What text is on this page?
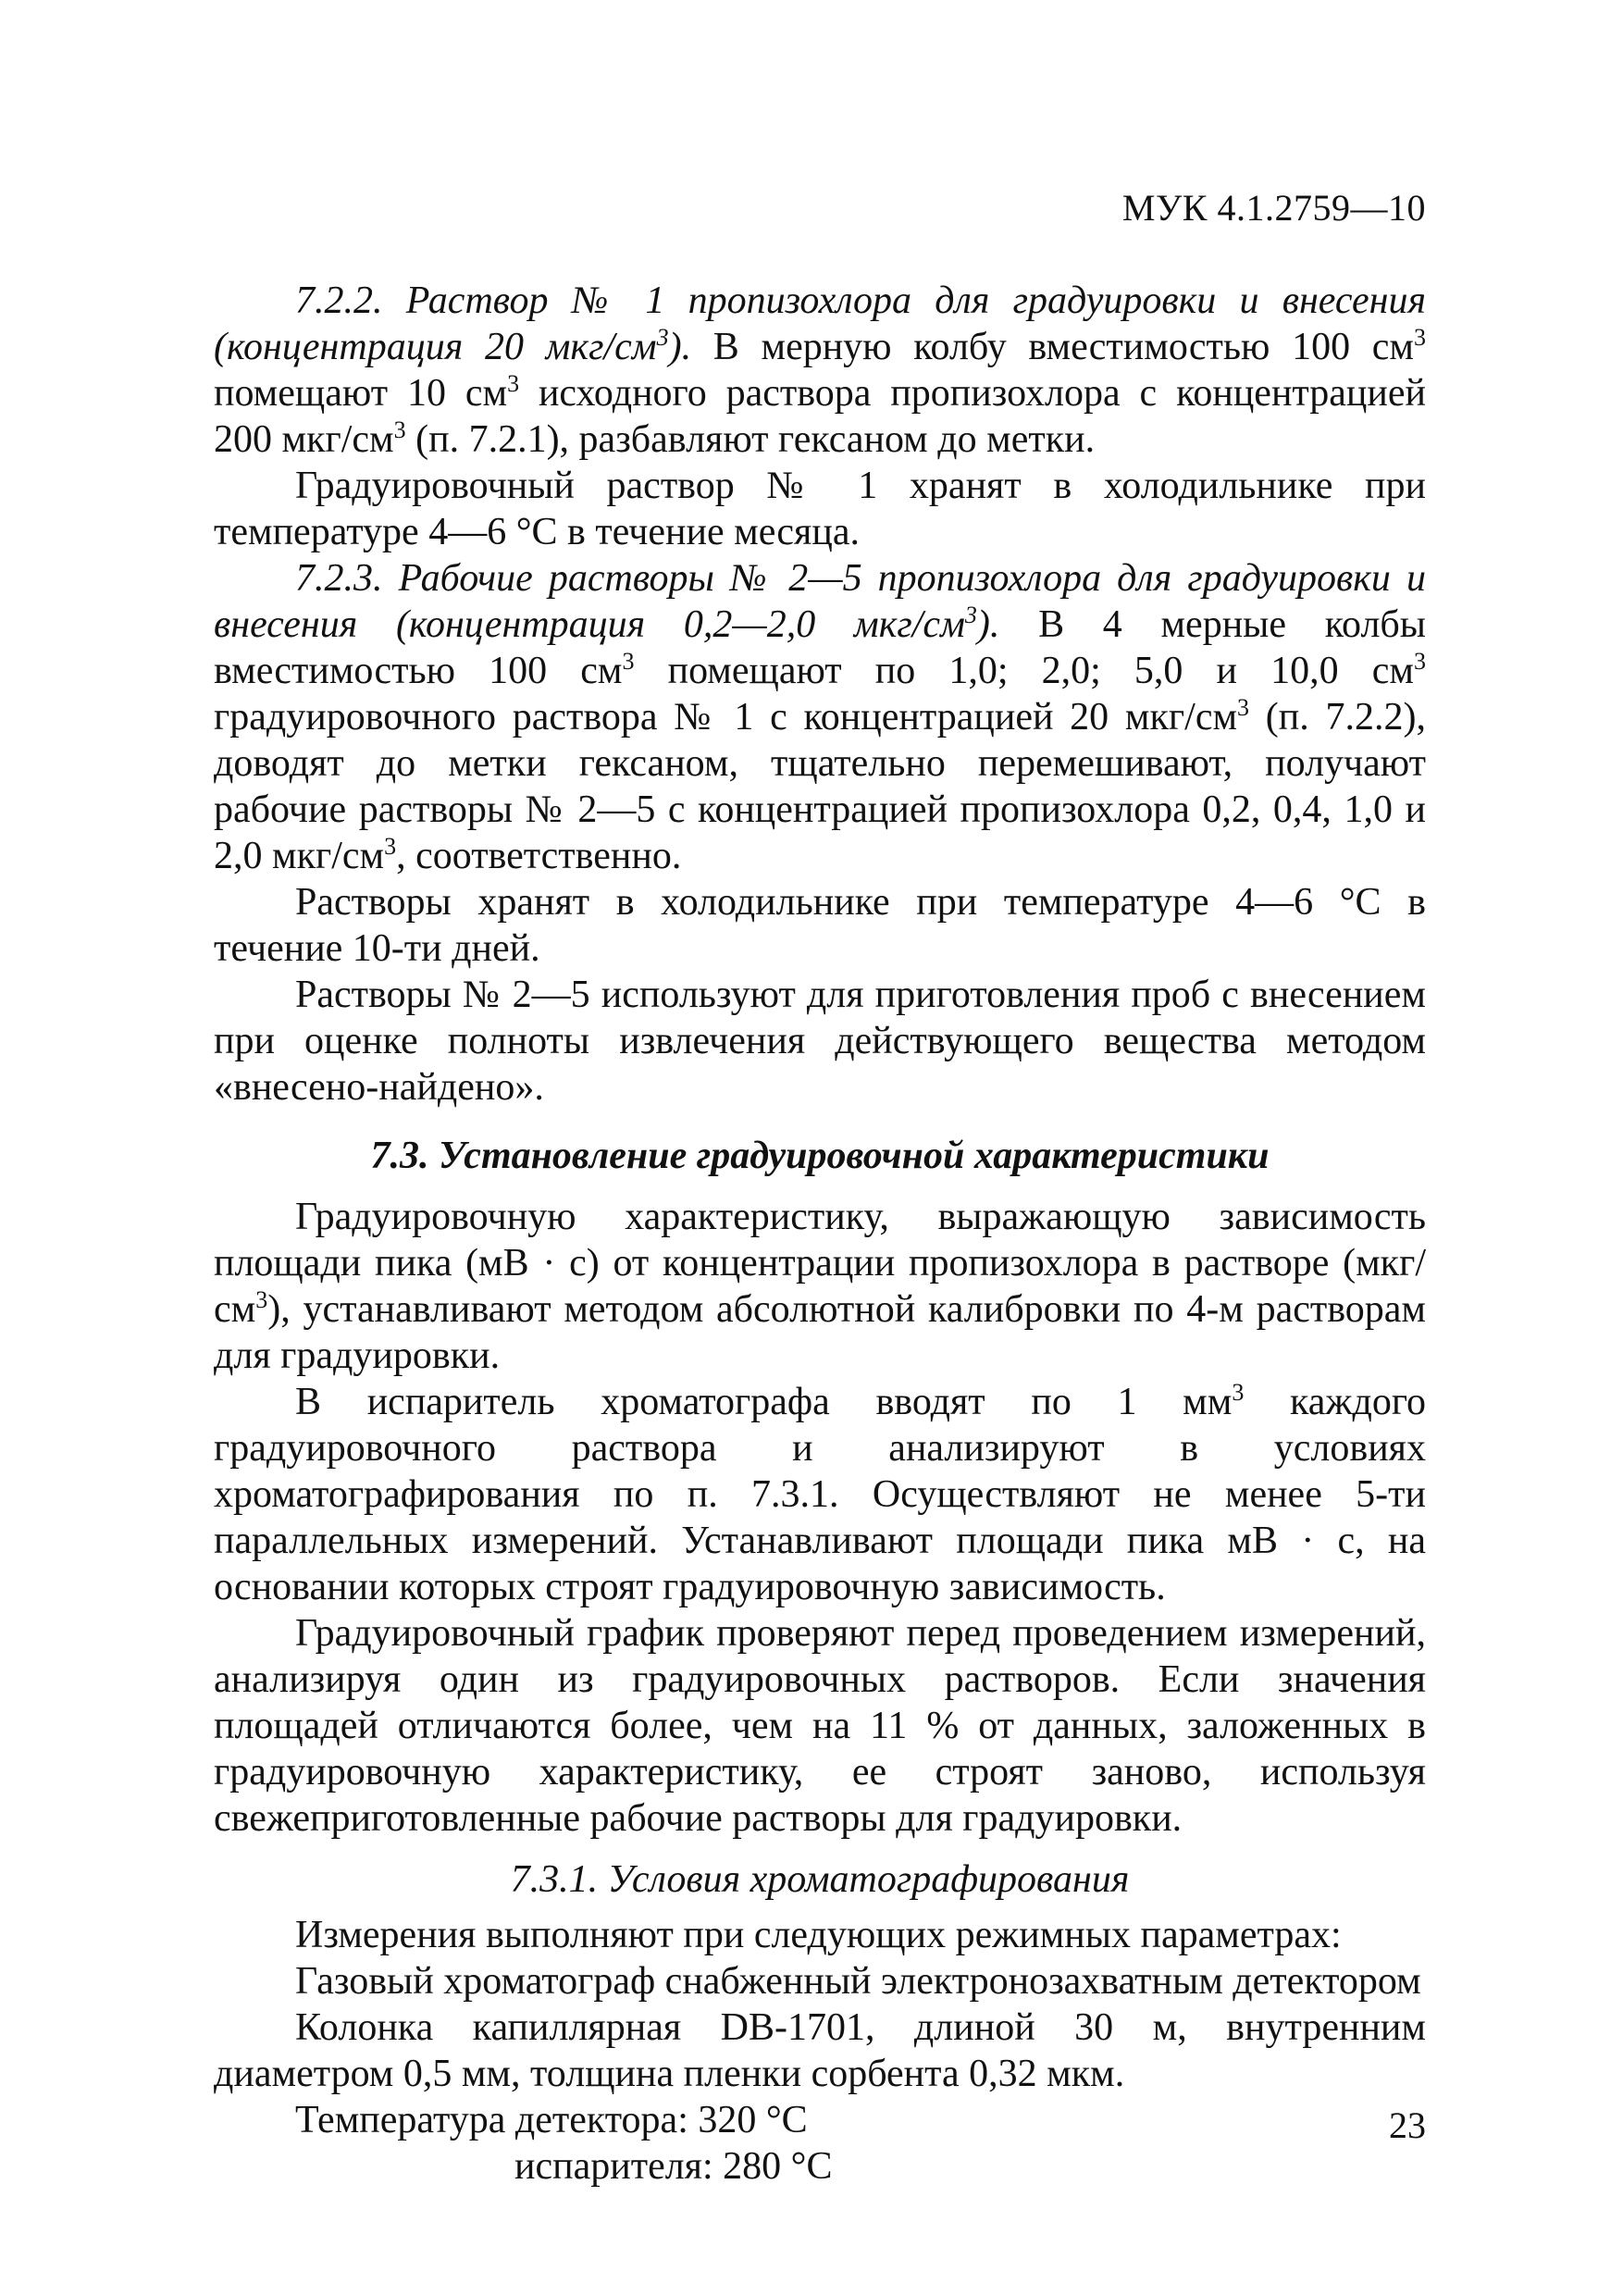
МУК 4.1.2759—10

7.2.2. Раствор № 1 пропизохлора для градуировки и внесения (концентрация 20 мкг/$см^3$). В мерную колбу вместимостью 100 $см^3$ помещают 10 $см^3$ исходного раствора пропизохлора с концентрацией 200 мкг/$см^3$ (п. 7.2.1), разбавляют гексаном до метки.

Градуировочный раствор № 1 хранят в холодильнике при температуре 4—6 °С в течение месяца.

7.2.3. Рабочие растворы № 2—5 пропизохлора для градуировки и внесения (концентрация 0,2—2,0 мкг/$см^3$). В 4 мерные колбы вместимостью 100 $см^3$ помещают по 1,0; 2,0; 5,0 и 10,0 $см^3$ градуировочного раствора № 1 с концентрацией 20 мкг/$см^3$ (п. 7.2.2), доводят до метки гексаном, тщательно перемешивают, получают рабочие растворы № 2—5 с концентрацией пропизохлора 0,2, 0,4, 1,0 и 2,0 мкг/$см^3$, соответственно.

Растворы хранят в холодильнике при температуре 4—6 °С в течение 10-ти дней.

Растворы № 2—5 используют для приготовления проб с внесением при оценке полноты извлечения действующего вещества методом «внесено-найдено».

7.3. Установление градуировочной характеристики

Градуировочную характеристику, выражающую зависимость площади пика (мВ · с) от концентрации пропизохлора в растворе $(мкг/см^3)$, устанавливают методом абсолютной калибровки по 4-м растворам для градуировки.

В испаритель хроматографа вводят по 1 $мм^3$ каждого градуировочного раствора и анализируют в условиях хроматографирования по п. 7.3.1. Осуществляют не менее 5-ти параллельных измерений. Устанавливают площади пика мВ · с, на основании которых строят градуировочную зависимость.

Градуировочный график проверяют перед проведением измерений, анализируя один из градуировочных растворов. Если значения площадей отличаются более, чем на 11 % от данных, заложенных в градуировочную характеристику, ее строят заново, используя свежеприготовленные рабочие растворы для градуировки.

7.3.1. Условия хроматографирования

Измерения выполняют при следующих режимных параметрах:

Газовый хроматограф снабженный электронозахватным детектором

Колонка капиллярная DB-1701, длиной 30 м, внутренним диаметром 0,5 мм, толщина пленки сорбента 0,32 мкм.

Температура детектора: 320 °С

испарителя: 280 °С

23
